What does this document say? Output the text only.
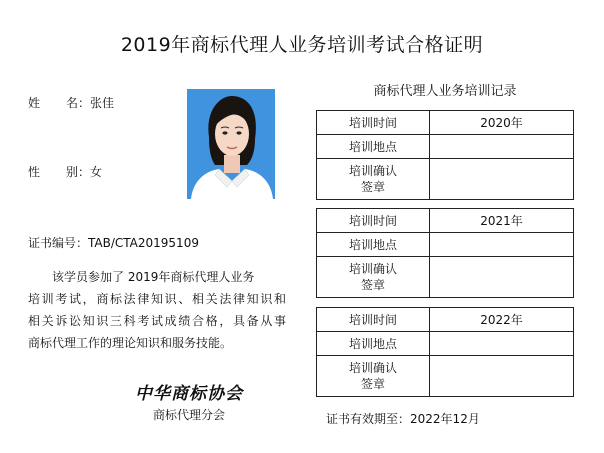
2019年商标代理人业务培训考试合格证明
姓 名：张佳
性 别：女
证书编号：TAB/CTA20195109
该学员参加了 2019年商标代理人业务
培训考试，商标法律知识、相关法律知识和
相关诉讼知识三科考试成绩合格，具备从事
商标代理工作的理论知识和服务技能。
中华商标协会
商标代理分会
商标代理人业务培训记录
培训时间	2020年
培训地点
培训确认
签章
培训时间	2021年
培训地点
培训确认
签章
培训时间	2022年
培训地点
培训确认
签章
证书有效期至：2022年12月
